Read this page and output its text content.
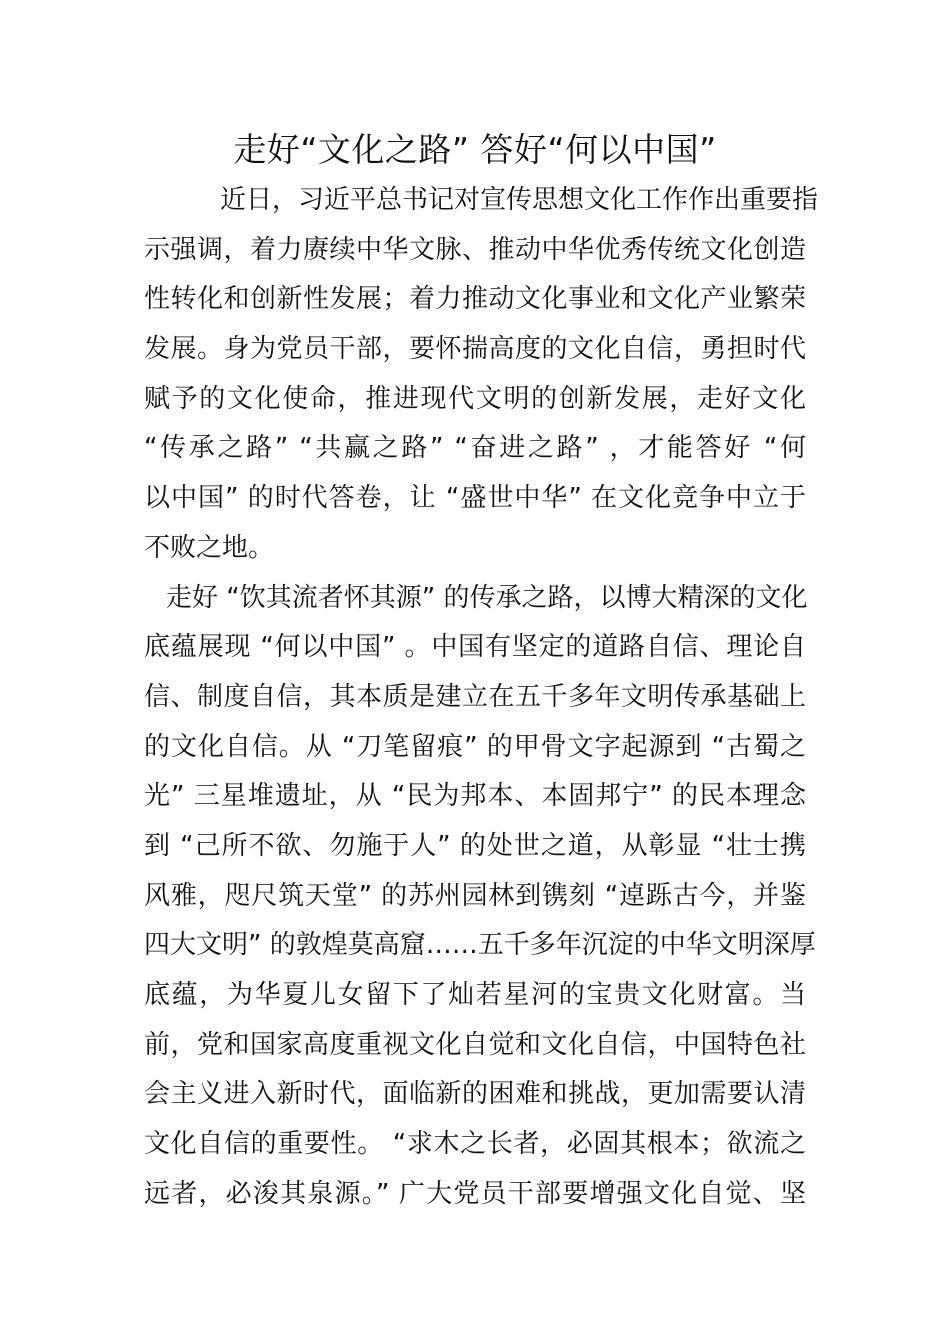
走好“文化之路” 答好“何以中国”
近日，习近平总书记对宣传思想文化工作作出重要指
示强调，着力赓续中华文脉、推动中华优秀传统文化创造
性转化和创新性发展；着力推动文化事业和文化产业繁荣
发展。身为党员干部，要怀揣高度的文化自信，勇担时代
赋予的文化使命，推进现代文明的创新发展，走好文化
“传承之路” “共赢之路” “奋进之路” ，才能答好 “何
以中国” 的时代答卷，让 “盛世中华” 在文化竞争中立于
不败之地。
走好 “饮其流者怀其源” 的传承之路，以博大精深的文化
底蕴展现 “何以中国” 。中国有坚定的道路自信、理论自
信、制度自信，其本质是建立在五千多年文明传承基础上
的文化自信。从 “刀笔留痕” 的甲骨文字起源到 “古蜀之
光” 三星堆遗址，从 “民为邦本、本固邦宁” 的民本理念
到 “己所不欲、勿施于人” 的处世之道，从彰显 “壮士携
风雅，咫尺筑天堂” 的苏州园林到镌刻 “逴跞古今，并鉴
四大文明” 的敦煌莫高窟……五千多年沉淀的中华文明深厚
底蕴，为华夏儿女留下了灿若星河的宝贵文化财富。当
前，党和国家高度重视文化自觉和文化自信，中国特色社
会主义进入新时代，面临新的困难和挑战，更加需要认清
文化自信的重要性。 “求木之长者，必固其根本；欲流之
远者，必浚其泉源。” 广大党员干部要增强文化自觉、坚
